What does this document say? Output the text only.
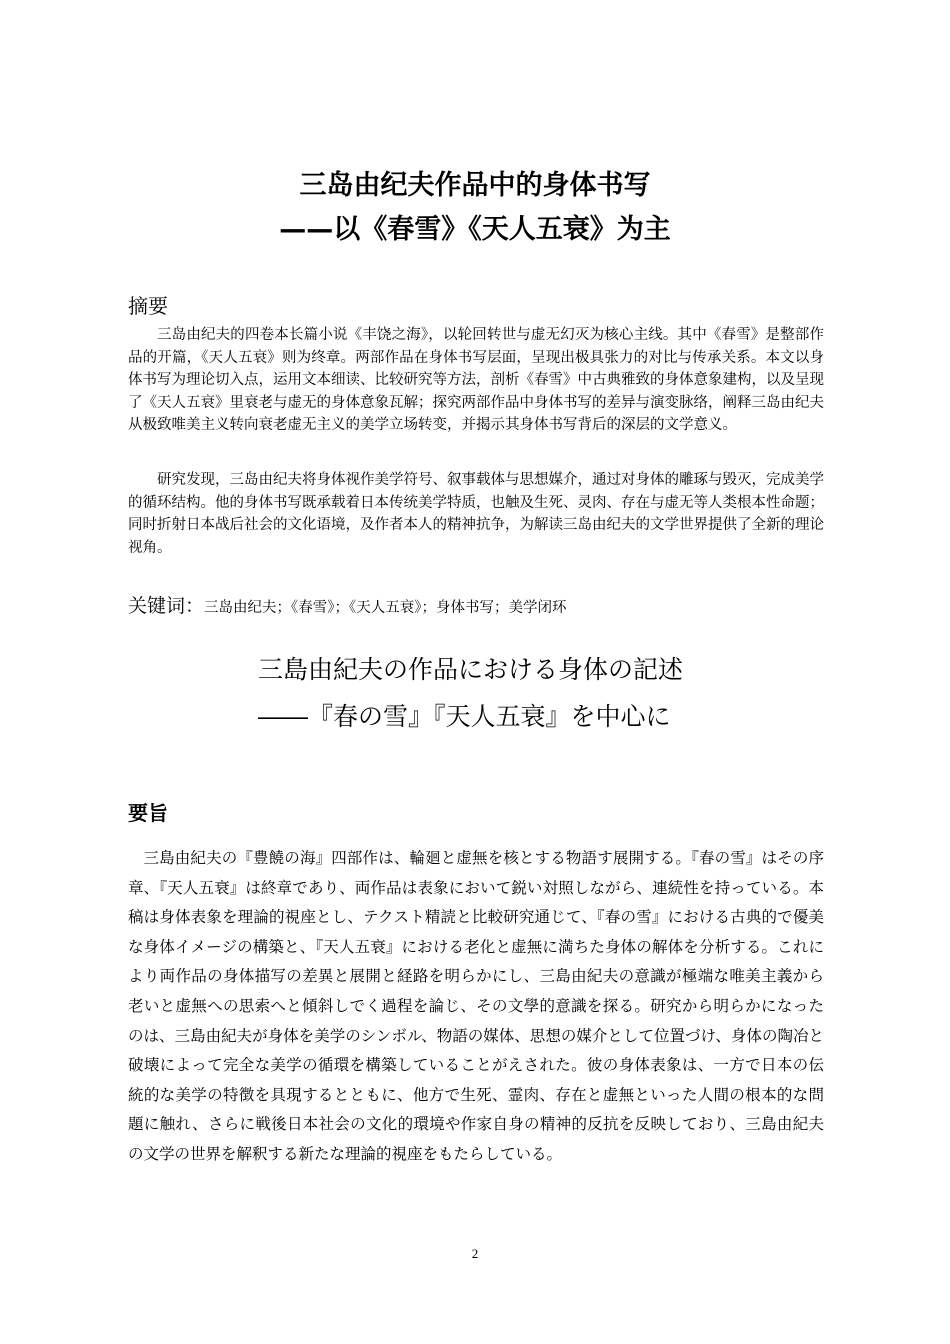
三岛由纪夫作品中的身体书写
——以《春雪》《天人五衰》为主
摘要

三岛由纪夫的四卷本长篇小说《丰饶之海》，以轮回转世与虚无幻灭为核心主线。其中《春雪》是整部作品的开篇，《天人五衰》则为终章。两部作品在身体书写层面，呈现出极具张力的对比与传承关系。本文以身体书写为理论切入点，运用文本细读、比较研究等方法，剖析《春雪》中古典雅致的身体意象建构，以及呈现了《天人五衰》里衰老与虚无的身体意象瓦解；探究两部作品中身体书写的差异与演变脉络，阐释三岛由纪夫从极致唯美主义转向衰老虚无主义的美学立场转变，并揭示其身体书写背后的深层的文学意义。

研究发现，三岛由纪夫将身体视作美学符号、叙事载体与思想媒介，通过对身体的雕琢与毁灭，完成美学的循环结构。他的身体书写既承载着日本传统美学特质，也触及生死、灵肉、存在与虚无等人类根本性命题；同时折射日本战后社会的文化语境，及作者本人的精神抗争，为解读三岛由纪夫的文学世界提供了全新的理论视角。

关键词：三岛由纪夫；《春雪》；《天人五衰》；身体书写；美学闭环
三島由紀夫の作品における身体の記述
――『春の雪』『天人五衰』を中心に
要旨

三島由紀夫の『豊饒の海』四部作は、輪廻と虚無を核とする物語す展開する。『春の雪』はその序章、『天人五衰』は終章であり、両作品は表象において鋭い対照しながら、連続性を持っている。本稿は身体表象を理論的視座とし、テクスト精読と比較研究通じて、『春の雪』における古典的で優美な身体イメージの構築と、『天人五衰』における老化と虚無に満ちた身体の解体を分析する。これにより両作品の身体描写の差異と展開と経路を明らかにし、三島由紀夫の意識が極端な唯美主義から老いと虚無への思索へと傾斜しでく過程を論じ、その文學的意識を探る。研究から明らかになったのは、三島由紀夫が身体を美学のシンボル、物語の媒体、思想の媒介として位置づけ、身体の陶冶と破壊によって完全な美学の循環を構築していることがえされた。彼の身体表象は、一方で日本の伝統的な美学の特徴を具現するとともに、他方で生死、霊肉、存在と虚無といった人間の根本的な問題に触れ、さらに戦後日本社会の文化的環境や作家自身の精神的反抗を反映しており、三島由紀夫の文学の世界を解釈する新たな理論的視座をもたらしている。

2
